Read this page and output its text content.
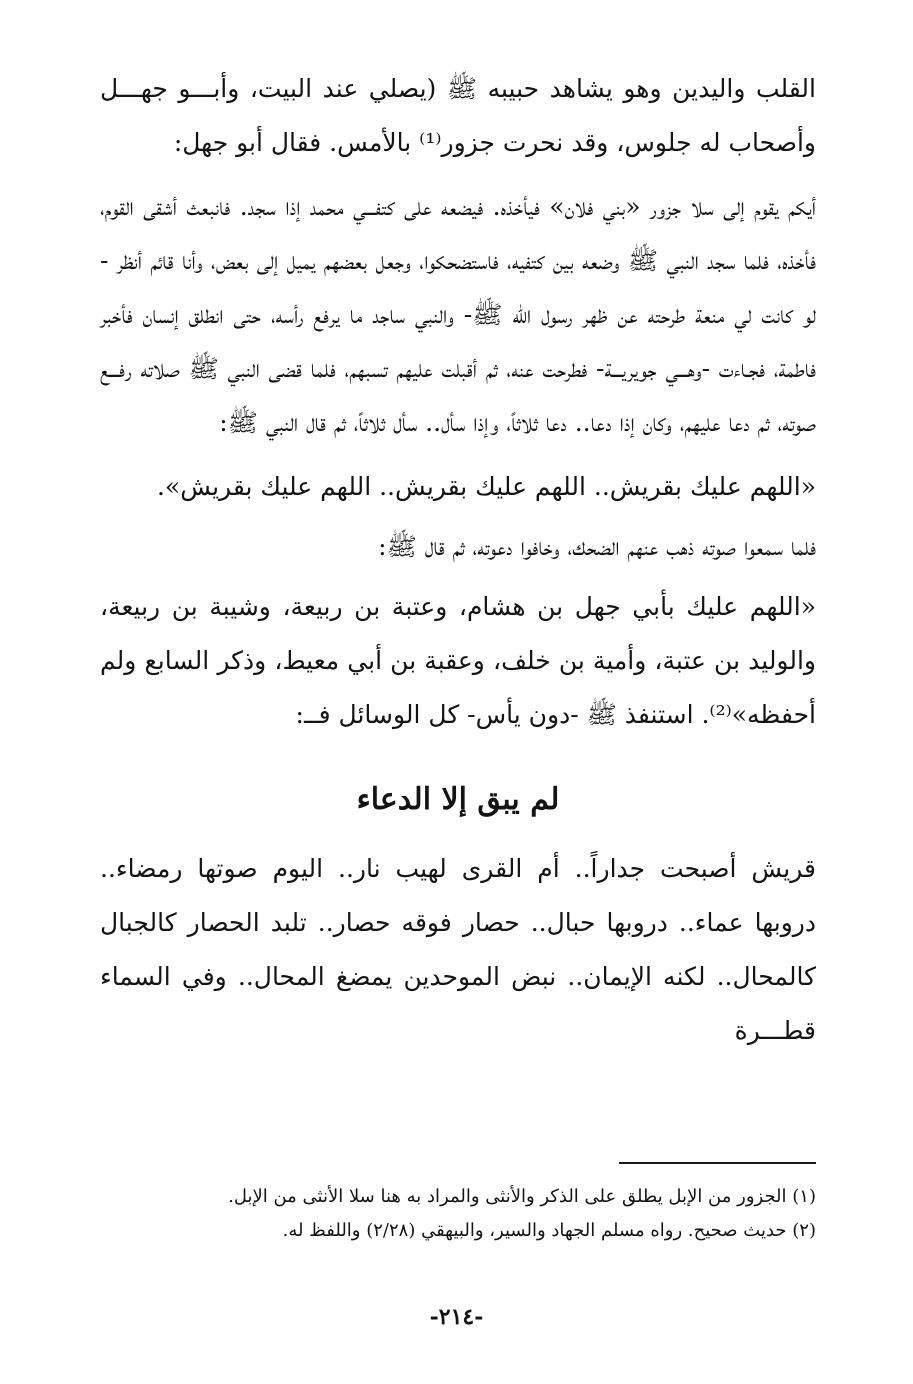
القلب واليدين وهو يشاهد حبيبه ﷺ (يصلي عند البيت، وأبـــو جهـــل وأصحاب له جلوس، وقد نحرت جزور⁽¹⁾ بالأمس. فقال أبو جهل:

أيكم يقوم إلى سلا جزور «بني فلان» فيأخذه. فيضعه على كتفـــي محمد إذا سجد. فانبعث أشقى القوم، فأخذه، فلما سجد النبي ﷺ وضعه بين كتفيه، فاستضحكوا، وجعل بعضهم يميل إلى بعض، وأنا قائم أنظر - لو كانت لي منعة طرحته عن ظهر رسول الله ﷺ- والنبي ساجد ما يرفع رأسه، حتى انطلق إنسان فأخبر فاطمة، فجـاءت -وهـــي جويريـــة- فطرحت عنه، ثم أقبلت عليهم تسبهم، فلما قضى النبي ﷺ صلاته رفـــع صوته، ثم دعا عليهم، وكان إذا دعا.. دعا ثلاثاً، وإذا سأل.. سأل ثلاثاً، ثم قال النبي ﷺ:

«اللهم عليك بقريش.. اللهم عليك بقريش.. اللهم عليك بقريش».

فلما سمعوا صوته ذهب عنهم الضحك، وخافوا دعوته، ثم قال ﷺ:

«اللهم عليك بأبي جهل بن هشام، وعتبة بن ربيعة، وشيبة بن ربيعة، والوليد بن عتبة، وأمية بن خلف، وعقبة بن أبي معيط، وذكر السابع ولم أحفظه»⁽²⁾. استنفذ ﷺ -دون يأس- كل الوسائل فــ:

لم يبق إلا الدعاء

قريش أصبحت جداراً.. أم القرى لهيب نار.. اليوم صوتها رمضاء.. دروبها عماء.. دروبها حبال.. حصار فوقه حصار.. تلبد الحصار كالجبال كالمحال.. لكنه الإيمان.. نبض الموحدين يمضغ المحال.. وفي السماء قطـــرة

(١) الجزور من الإبل يطلق على الذكر والأنثى والمراد به هنا سلا الأنثى من الإبل.

(٢) حديث صحيح. رواه مسلم الجهاد والسير، والبيهقي (٢/٢٨) واللفظ له.

-٢١٤-
